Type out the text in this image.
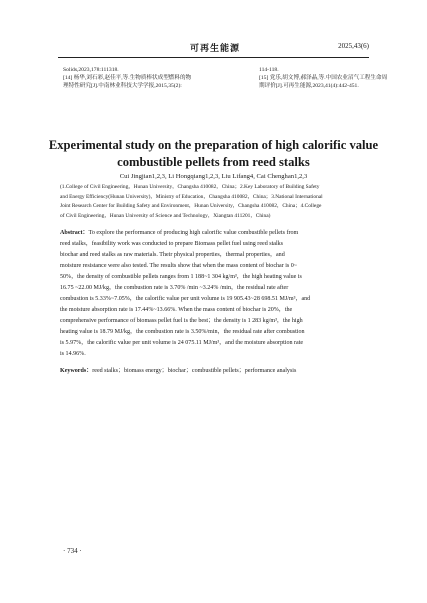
可再生能源	2025,43(6)
Solids,2023,178:111318.
[14] 杨华,刘石彩,赵佳平,等.生物质棒状成型燃料的物
理特性研究[J].中南林业科技大学学报,2015,35(2):
114-118.
[15] 党乐,胡文博,郝泽晶,等.中国农业沼气工程生命周
期评价[J].可再生能源,2023,41(4):442-451.
Experimental study on the preparation of high calorific value
combustible pellets from reed stalks
Cui Jingjian1,2,3, Li Hongqiang1,2,3, Liu Lifang4, Cai Chenghan1,2,3
(1.College of Civil Engineering，Hunan University，Changsha 410082，China；2.Key Laboratory of Building Safety
and Energy Efficiency(Hunan University)，Ministry of Education，Changsha 410082，China；3.National International
Joint Research Center for Building Safety and Environment，Hunan University，Changsha 410082，China；4.College
of Civil Engineering，Hunan University of Science and Technology，Xiangtan 411201，China)
Abstract：To explore the performance of producing high calorific value combustible pellets from
reed stalks，feasibility work was conducted to prepare Biomass pellet fuel using reed stalks
biochar and reed stalks as raw materials. Their physical properties，thermal properties，and
moisture resistance were also tested. The results show that when the mass content of biochar is 0~
50%，the density of combustible pellets ranges from 1 188~1 304 kg/m³，the high heating value is
16.75 ~22.00 MJ/kg，the combustion rate is 3.70% /min ~3.24% /min，the residual rate after
combustion is 5.33%~7.05%，the calorific value per unit volume is 19 905.43~28 698.51 MJ/m³，and
the moisture absorption rate is 17.44%~13.66%. When the mass content of biochar is 20%，the
comprehensive performance of biomass pellet fuel is the best；the density is 1 283 kg/m³，the high
heating value is 18.79 MJ/kg，the combustion rate is 3.50%/min，the residual rate after combustion
is 5.97%，the calorific value per unit volume is 24 075.11 MJ/m³，and the moisture absorption rate
is 14.96%.
Keywords：reed stalks；biomass energy；biochar；combustible pellets；performance analysis
· 734 ·
